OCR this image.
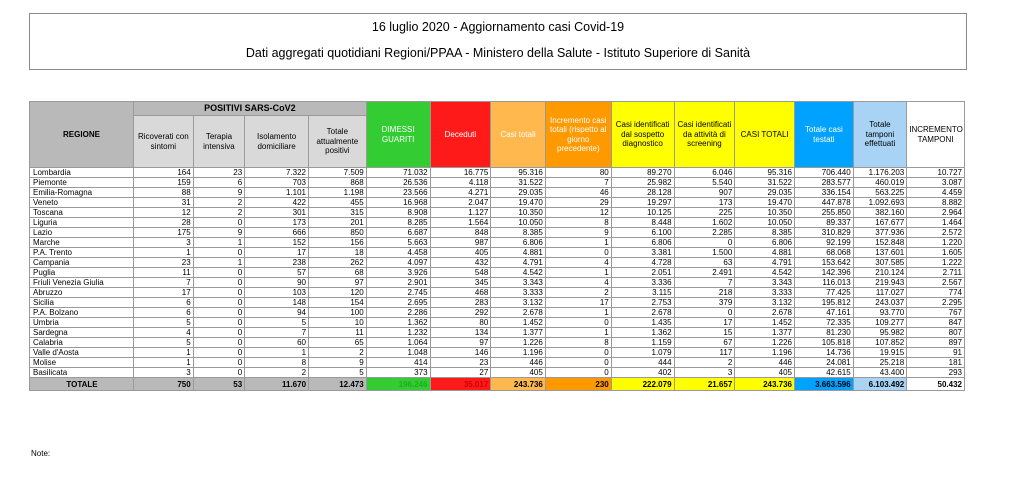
16 luglio 2020 - Aggiornamento casi Covid-19
Dati aggregati quotidiani Regioni/PPAA - Ministero della Salute - Istituto Superiore di Sanità
REGIONE	POSITIVI SARS-CoV2				DIMESSI GUARITI	Deceduti	Casi totali	Incremento casi totali (rispetto al giorno precedente)	Casi identificati dal sospetto diagnostico	Casi identificati da attività di screening	CASI TOTALI	Totale casi testati	Totale tamponi effettuati	INCREMENTO TAMPONI
	Ricoverati con sintomi	Terapia intensiva	Isolamento domiciliare	Totale attualmente positivi										
Lombardia	164	23	7.322	7.509	71.032	16.775	95.316	80	89.270	6.046	95.316	706.440	1.176.203	10.727
Piemonte	159	6	703	868	26.536	4.118	31.522	7	25.982	5.540	31.522	283.577	460.019	3.087
Emilia-Romagna	88	9	1.101	1.198	23.566	4.271	29.035	46	28.128	907	29.035	336.154	563.225	4.459
Veneto	31	2	422	455	16.968	2.047	19.470	29	19.297	173	19.470	447.878	1.092.693	8.882
Toscana	12	2	301	315	8.908	1.127	10.350	12	10.125	225	10.350	255.850	382.160	2.964
Liguria	28	0	173	201	8.285	1.564	10.050	8	8.448	1.602	10.050	89.337	167.677	1.464
Lazio	175	9	666	850	6.687	848	8.385	9	6.100	2.285	8.385	310.829	377.936	2.572
Marche	3	1	152	156	5.663	987	6.806	1	6.806	0	6.806	92.199	152.848	1.220
P.A. Trento	1	0	17	18	4.458	405	4.881	0	3.381	1.500	4.881	68.068	137.601	1.605
Campania	23	1	238	262	4.097	432	4.791	4	4.728	63	4.791	153.642	307.585	1.222
Puglia	11	0	57	68	3.926	548	4.542	1	2.051	2.491	4.542	142.396	210.124	2.711
Friuli Venezia Giulia	7	0	90	97	2.901	345	3.343	4	3.336	7	3.343	116.013	219.943	2.567
Abruzzo	17	0	103	120	2.745	468	3.333	2	3.115	218	3.333	77.425	117.027	774
Sicilia	6	0	148	154	2.695	283	3.132	17	2.753	379	3.132	195.812	243.037	2.295
P.A. Bolzano	6	0	94	100	2.286	292	2.678	1	2.678	0	2.678	47.161	93.770	767
Umbria	5	0	5	10	1.362	80	1.452	0	1.435	17	1.452	72.335	109.277	847
Sardegna	4	0	7	11	1.232	134	1.377	1	1.362	15	1.377	81.230	95.982	807
Calabria	5	0	60	65	1.064	97	1.226	8	1.159	67	1.226	105.818	107.852	897
Valle d'Aosta	1	0	1	2	1.048	146	1.196	0	1.079	117	1.196	14.736	19.915	91
Molise	1	0	8	9	414	23	446	0	444	2	446	24.081	25.218	181
Basilicata	3	0	2	5	373	27	405	0	402	3	405	42.615	43.400	293
TOTALE	750	53	11.670	12.473	196.246	35.017	243.736	230	222.079	21.657	243.736	3.663.596	6.103.492	50.432
Note:
